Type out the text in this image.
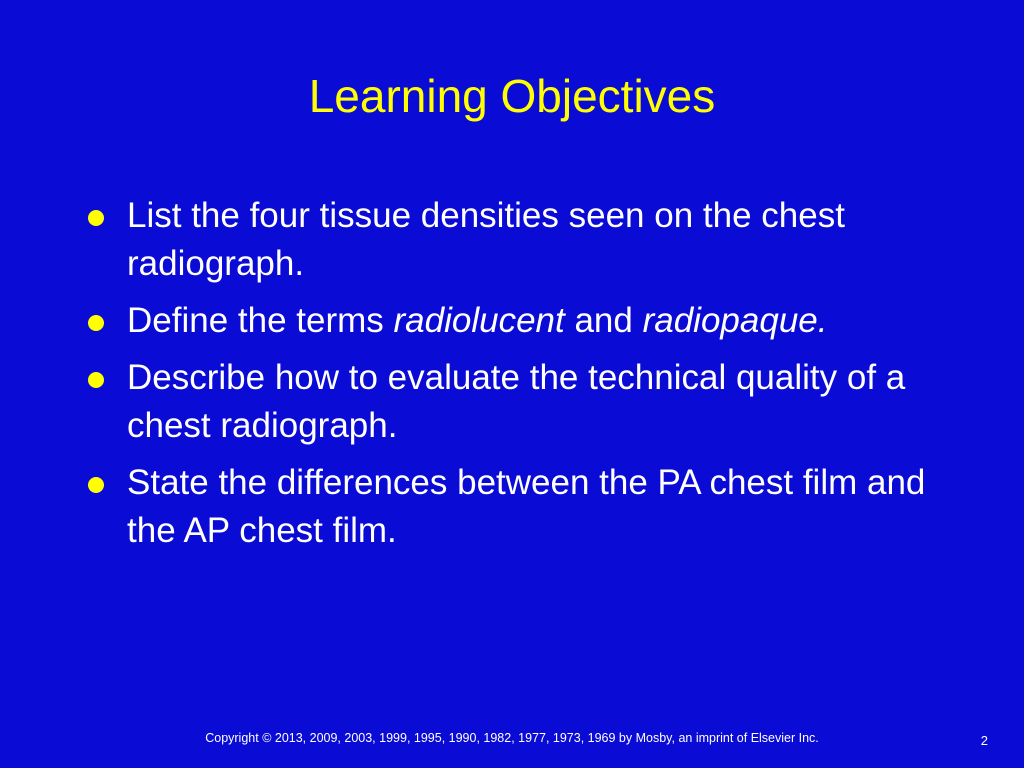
Learning Objectives
List the four tissue densities seen on the chest radiograph.
Define the terms radiolucent and radiopaque.
Describe how to evaluate the technical quality of a chest radiograph.
State the differences between the PA chest film and the AP chest film.
Copyright © 2013, 2009, 2003, 1999, 1995, 1990, 1982, 1977, 1973, 1969 by Mosby, an imprint of Elsevier Inc.	2
